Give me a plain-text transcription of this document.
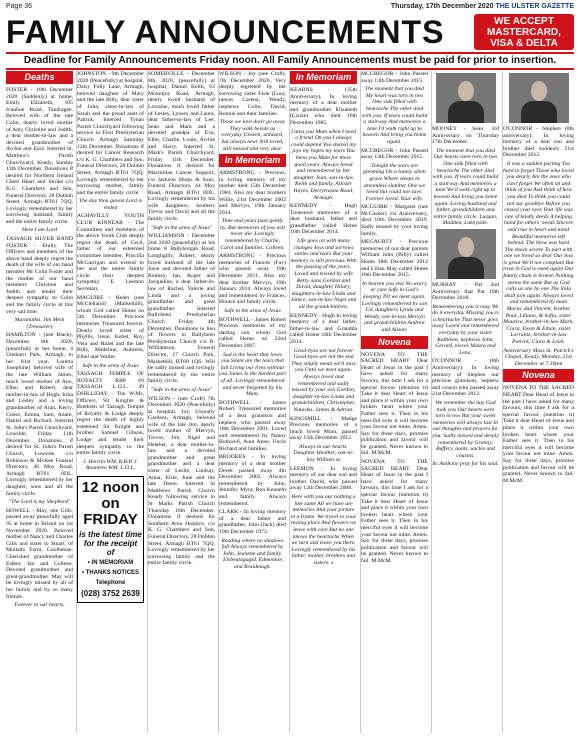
Page 36	Thursday, 17th December 2020 THE ULSTER GAZETTE
FAMILY ANNOUNCEMENTS	WE ACCEPT
MASTERCARD,
VISA & DELTA
Deadline for Family Announcements Friday noon. All Family Announcements must be paid for prior to insertion.
Deaths

FOSTER - 10th December 2020 (Suddenly) at home, Emily Elizabeth, 105 Ivanhoe Road, Tandragee. Beloved wife of the late Colin, dearly loved mother of Ann, Christine and Judith, a dear mother-in-law and a devoted grandmother of Archie and Ezra. Interred St. Matthew's Parish Churchyard, Keady, Sunday 13th December. Donations if desired for Northern Ireland Chest Heart and Stroke c/o K.G. Chambers and Son, Funeral Directors. 28 Dobbin Street, Armagh BT61 7QQ. Lovingly remembered by her sorrowing husband, family and the entire family circle.

Here I am Lord

TASSAGH SILVER BAND FOSTER - Emily. The Officers and members of the above band deeply regret the death of the wife of our band member Mr Colin Foster and the mother of our band members Christine and Judith and tender their deepest sympathy to Colin and the family circle at this very sad time.

Maranatha. Jim Mein (Treasurer)

HAMILTON - (née Black), December 8th 2020, (peacefully at her home, 4 Uttsburn Park, Armagh, in her 81st year, Loretta Josephine) beloved wife of the late William James, much loved mother of Ann, Ellen and Robert, dear mother-in-law of Hugh, Irina and Lesley and a loving grandmother of Aran, Kerry, Conor, Emma, Sam, Adam, Daniel and Richard. Interred St. John's Parish Churchyard, Lowside, Friday 11th December. Donations if desired for St. John's Parish Church, Lowside. c/o Robinson & McKee Funeral Directors, 46 Moy Road, Armagh BT61 8DL. Lovingly remembered by her daughter, sons and all the family circle.

"The Lord is my Shepherd"

HOWELL - May, née Gills, passed away peacefully aged 95 at home in Bristol on 1st November 2020. Beloved mother of Nancy and Charles Gills and sister to Stuart, of Mullatts Farm, Coolbeban. Cherished grandmother of Esther, Ian and Colleen. Devoted grandmother and great-grandmother. May will be lovingly missed by all of her family and by so many friends.

Forever in our hearts.

JOHNSTON - 9th December 2020 (Peacefully) at hospital, Daisy Folly Lane, Armagh, beloved daughter of Mary and the late Billy, dear sister of John, sister-in-law of Sarah and the proud aunt of Patrick. Interred Tynan Parish Churchyard following service in First Presbyterian Church Armagh Saturday 12th December. Donations if desired for Cancer Research c/o K. G. Chambers and Son, Funeral Directors, 28 Dobbin Street, Armagh BT61 7QQ. Lovingly remembered by her sorrowing mother, family and the entire family circle.

The day thou gavest Lord is ended

AGHAVILLY YOUTH CLUB KINNEAR - The Committee and members of the above Youth Club deeply regret the death of Cecil, father of our esteemed committee member, Priscilla McGarrigan and extend to her and the entire family circle their deepest sympathy. E. Leemon Secretary.

MAGUIRE - Helen (nee McClelland) (Markethill), whom God called Home on 5th December. Precious memories Treasured forever. Dearly loved sister of Phyllis, Irene, Isobel, Roy, Vera and Hazel and the late Billy, Madeline, Aubreen, Ethel and Walter.

Safe in the arms of Jesus

TASSAGH TEMPLE OF ROYALTY RBP 69 TASSAGH L.O.L. 49 DHILLIDAY - The W.Ms, Officers, Sir Knights & Brethren of Tassagh Temple of Royalty & Lodge deeply regret the death of highly esteemed Sir Knight and brother Samuel Gibson, Lodge and tender their deepest sympathy to the entire family circle.

J. Herron WM. R.B.P. J. Rountree WM. L.O.L.

12 noon on FRIDAY
is the latest time for the receipt of
• IN MEMORIAM
• THANKS NOTICES
Telephone
(028) 3752 2639

SOMERVILLE - December 8th, 2020, (peacefully) at hospital, Daniel Keith, 63 Mountjoy Road, Armagh, dearly loved husband of Lorraine, much loved father of Lesley, Lynsey and Laura, dear father-in-law of Lee, Sean and Mark and a devoted grandpa of Eva, Ellie, Charlie, Louie, Archie and Harry. Interred St. Mark's Parish Churchyard, Friday 11th December. Donations if desired for Macmillan Cancer Support, c/o Jackson Shops & Sons, Funeral Directors, 44 Moy Road, Armagh BT61 8DL. Lovingly remembered by his wife daughters, brothers Trevor and David and all the family circle.

"Safe in the arms of Jesus"

WILLIAMSON - December 2nd 2020 (peacefully) at his home 8 Ballyhorgan Road, Loughgilly, Robert, dearly loved husband of the late Josie and devoted father of Rodney, Ian, Roger and Jacqueline, a dear father-in-law of Rachel, Valerie and Linda and a loving grandfather and great grandfather. Interred Ballybeen Presbyterian Church Friday 4th December. Donations in lieu of flowers to Ballybeen Presbyterian Church c/o R. Williamson, Funeral Director, 17 Church Park, Markethill, BT60 1QS. Will be sadly missed and lovingly remembered by the entire family circle.

"Safe in the arms of Jesus"

WILSON - (nee Croft) 7th December 2020 (Peacefully) at hospital, Joy, Ussually Gardens, Armagh, beloved wife of the late Jim, dearly loved mother of Mervyn, Trevor, Jim, Nigel and Heather, a dear mother-in-law and a devoted grandmother and great grandmother and a dear sister of Leslie, Lindsay, Anna, Elsie, June and the late Deere. Interred St Matthews Parish Church Keady following service in St Marks Parish Church Thursday 10th December. Donations if desired for Southern Area Hospice, c/o K. G. Chambers and Son, Funeral Directors, 28 Dobbin Street, Armagh BT61 7QQ. Lovingly remembered by her sorrowing family and the entire family circle.

WILSON - Joy (nee Croft), 7th December 2020. Very deeply regretted by her sorrowing sister Elsie (Lou), nieces Carena, Wendy, nephews Colin, David, Ronnie and their families.

Those we love don't go away They walk beside us everyday Unseen, unheard, but always near Still loved, still missed and very dear.

In Memoriam

ARMSTRONG - Precious, in loving memory of my mother died 15th December 1984. Also my dear brothers Willie, 21st December 2002 and Mervyn, 19th January 2014.

Time and years pass gently by, But memories of you will never die. Lovingly remembered by Charlie, Carol and families. Colleen.

ARMSTRONG - Precious memories of Frances (Fay) who passed away 19th December 2011. Also my dear brother Mervyn, 19th January 2014. Always loved and remembered by Frances, Horace and family circle.

Safe in the arms of Jesus

BOTHWELL - James Robert Precious memories of my darling son whom God called Home on 22nd December 2007.

Sad is the heart that loves you Silent are the tears that fall Living our lives without you James Is the hardest part of all. Lovingly remembered and never forgotten by his Mum.

BOTHWELL - James Robert. Treasured memories of a dear grandson and nephew who passed away 18th December 2001. Loved and remembered by Nanny Bothwell, Aunt Anne, Uncle Richard and families.

BROOKES - In loving memory of a dear brother Derek passed away 4th December 2002. Always remembered by John, Jennifer, Myra, Ron Kenneth and family. Always remembered.

CLARK - In loving memory of a dear father and grandfather, John (Jack) died 19th December 1973.

Reading where no shadows fall Always remembered by John, Jeanette and family. Elsbeatagagtd, Edmonton and Braidmagh.

In Memoriam

KEARNS - (35th Anniversary), In loving memory of a dear mother and grandmother Elizabeth (Lizzie) who died 16th December 1985.

I miss you Mum when I need a friend On you I always could depend You shared my joys my hopes my tears You bless you Mum for these good years. Always loved and remembered by her daughter Jean, son-in-law Keith and family. Allister Hayes, Derrytrasna Road, Armagh.

KENNEDY - Hugh Treasured memories of a dear husband, father and grandfather called Home 16th December 2014.

Life goes on with many changes Joys and sorrows smiles and tears But your memory is still precious With the passing of the years. Loved and missed by wife Betty, sons Gordon and David, daughter Hilary, daughters-in-law Linda and Janice, son-in-law Nigel and all the grandchildren.

KENNEDY - Hugh In loving memory of a dear father, father-in-law and Grandda called Home 16th December 2014.

Good-byes are not forever Good-byes are not the end They simply mean we'll miss you Until we meet again. Always loved and remembered and sadly missed by your son Gordon, daughter-in-law Linda and grandchildren, Christopher, Natasha, James & Adrian.

KINGSMILL - Madge Precious memories of a much loved Mum, passed away 15th December 2012.

Always in our hearts. Daughter Heather, son-in-law William xx

LEEMON - In loving memory of our dear son and brother David, who passed away 12th December 2008.

Here with you our nothing a line same All we have are memories And your picture in a frame. We travel to your resting place And flowers we leave with care But no one knows the heartache When we turn and leave you there. Lovingly remembered by his father, mother, brothers and sisters. x

MCGREGOR - John Passed away 13th December 2015.

The moment that you died My heart was torn in two One side filled with heartache The other died with you. If tears could build a stairway And memories a lane I'd walk right up to heaven And bring you home again.

MCGREGOR - John Passed away 13th December 2015.

Tonight the stars are gleaming On a lonely silent grave Where sleeps in dreamless slumber One we loved but could not save. Forever loved. Your wife.

MCGUIRK - Margaret (nee McCusker) 1st Anniversary, died 10th December 2019. Sadly missed by your loving family.

MEGAURTY - Precious memories of our dear parents William John (Billy) called Home 18th December 2012 and Lilian May called Home 18th December 2015.

In heaven you rest No worry or care Safe in God's keeping Till we meet again. Lovingly remembered by son Ud, daughters Lynda and Wendy, son-in-law Mervyn and grandchildren Andrew and Alison.

Novena

NOVENA TO THE SACRED HEART Dear Heart of Jesus in the past I have asked for many favours, this time I ask for a special favour (mention it) Take it dear Heart of Jesus and place it within your own broken heart where your Father sees it. Then in his merciful eyes it will become your favour not mine. Amen. Say for three days, promise publication and favour will be granted. Never known to fail. M.McM.

NOVENA TO THE SACRED HEART Dear Heart of Jesus in the past I have asked for many favours, this time I ask for a special favour (mention it) Take it dear Heart of Jesus and place it within your own broken heart where your Father sees it. Then in his merciful eyes it will become your favour not mine. Amen. Say for three days, promise publication and favour will be granted. Never known to fail. M.McM.

MOONEY - Sean. 3rd Anniversary on Thursday 17th December.

The moment that you died Our hearts were torn in two One side filled with heartache The other died with you. If tears could build a stairway And memories a lane We'd walk right up to heaven And bring you home again. Loving husband and father, grandchildren and entire family circle. Lurgan, Madden, Lakeyside.

MURRAY - Pat 2nd Anniversary that Pat 19th December 2018.

Remembering you is easy We do it everyday Missing you is a heartache That never goes away Loved and remembered everyday by your sister Kathleen, nephews John, Gerard, nieces Maura and Lena.

O'CONNOR - (8th Anniversary). In loving memory of Stephen our precious grandson, nephew and cousin who passed away 21st December 2012.

We remember the day God took you Our hearts were torn in two But your sweet memories will always last In our thoughts and prayers for you. Sadly missed and deeply remembered by Granny, Buffery, aunts, uncles and cousins.

St. Anthony pray for his soul.

O'CONNOR - Stephen (8th anniversary). In loving memory of a dear son and brother died suddenly 21st December 2012.

It was a sudden parting Too hard to forget Those who loved you dearly Are the ones who can't forget We often sit and think of you And think of how you died To think you could not say goodbye Before you closed your eyes Your life was one of kindly deeds A helping hand for others' needs Sincere and true in heart and mind Beautiful memories left behind. The blow was hard The shock severe To part with one we loved so dear Our loss is great We'll not complain But trust in God to meet again Our family chain is broken Nothing seems the same But as God calls us one by one The links shall join again. Always loved and remembered by mum Maria, dad Vincent, brother Paul, Liliana, & Sofia, sister Maurice, brother-in-law Mark, Ciara, Dean & Ethan, sister Lorraine, brother-in-law Patrick, Ciara & Leah.

Anniversary Mass St. Patrick's Chapel, Keady, Monday, 21st December at 7.30pm

Novena

NOVENA TO THE SACRED HEART Dear Heart of Jesus in the past I have asked for many favours, this time I ask for a special favour (mention it) Take it dear Heart of Jesus and place it within your own broken heart where your Father sees it. Then in his merciful eyes it will become your favour not mine. Amen. Say for three days, promise publication and favour will be granted. Never known to fail. M.McM.
